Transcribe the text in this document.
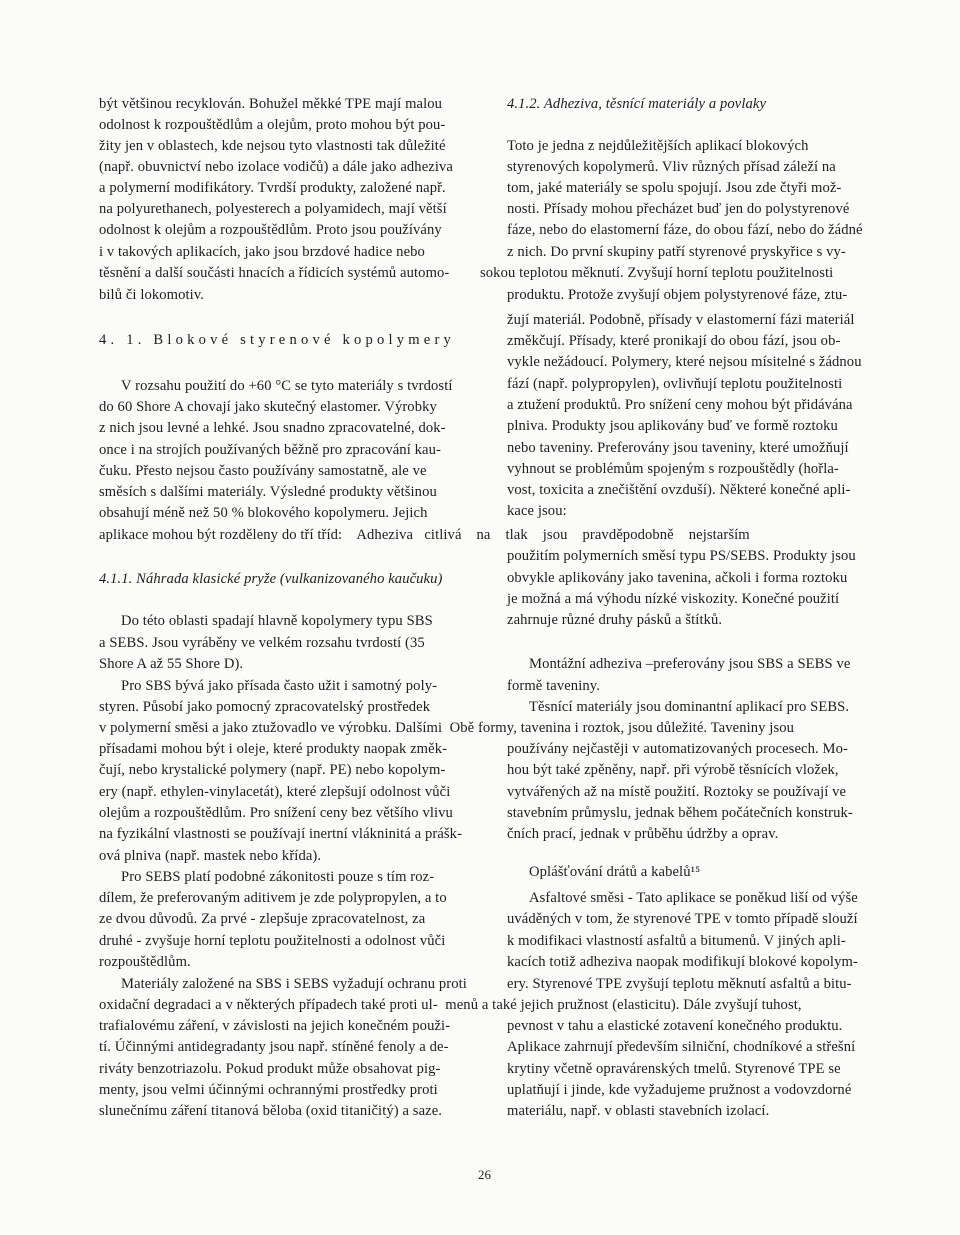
být většinou recyklován. Bohužel měkké TPE mají malou
odolnost k rozpouštědlům a olejům, proto mohou být pou-
žity jen v oblastech, kde nejsou tyto vlastnosti tak důležité
(např. obuvnictví nebo izolace vodičů) a dále jako adheziva
a polymerní modifikátory. Tvrdší produkty, založené např.
na polyurethanech, polyesterech a polyamidech, mají větší
odolnost k olejům a rozpouštědlům. Proto jsou používány
i v takových aplikacích, jako jsou brzdové hadice nebo
těsnění a další součásti hnacích a řídicích systémů automo-
bilů či lokomotiv.
4. 1. Blokové styrenové kopolymery
V rozsahu použití do +60 °C se tyto materiály s tvrdostí
do 60 Shore A chovají jako skutečný elastomer. Výrobky
z nich jsou levné a lehké. Jsou snadno zpracovatelné, dok-
once i na strojích používaných běžně pro zpracování kau-
čuku. Přesto nejsou často používány samostatně, ale ve
směsích s dalšími materiály. Výsledné produkty většinou
obsahují méně než 50 % blokového kopolymeru. Jejich
aplikace mohou být rozděleny do tří tříd:    Adheziva   citlivá    na    tlak    jsou    pravděpodobně    nejstarším
4.1.1. Náhrada klasické pryže (vulkanizovaného kaučuku)
Do této oblasti spadají hlavně kopolymery typu SBS
a SEBS. Jsou vyráběny ve velkém rozsahu tvrdostí (35
Shore A až 55 Shore D).
Pro SBS bývá jako přísada často užit i samotný poly-
styren. Působí jako pomocný zpracovatelský prostředek
v polymerní směsi a jako ztužovadlo ve výrobku. Dalšími  Obě formy, tavenina i roztok, jsou důležité. Taveniny jsou
přísadami mohou být i oleje, které produkty naopak změk-
čují, nebo krystalické polymery (např. PE) nebo kopolym-
ery (např. ethylen-vinylacetát), které zlepšují odolnost vůči
olejům a rozpouštědlům. Pro snížení ceny bez většího vlivu
na fyzikální vlastnosti se používají inertní vlákninitá a prášk-
ová plniva (např. mastek nebo křída).
Pro SEBS platí podobné zákonitosti pouze s tím roz-
dílem, že preferovaným aditivem je zde polypropylen, a to
ze dvou důvodů. Za prvé - zlepšuje zpracovatelnost, za
druhé - zvyšuje horní teplotu použitelnosti a odolnost vůči
rozpouštědlům.
Materiály založené na SBS i SEBS vyžadují ochranu proti
oxidační degradaci a v některých případech také proti ul-  menů a také jejich pružnost (elasticitu). Dále zvyšují tuhost,
trafialovému záření, v závislosti na jejich konečném použi-
tí. Účinnými antidegradanty jsou např. stíněné fenoly a de-
riváty benzotriazolu. Pokud produkt může obsahovat pig-
menty, jsou velmi účinnými ochrannými prostředky proti
slunečnímu záření titanová běloba (oxid titaničitý) a saze.
4.1.2. Adheziva, těsnící materiály a povlaky
Toto je jedna z nejdůležitějších aplikací blokových
styrenových kopolymerů. Vliv různých přísad záleží na
tom, jaké materiály se spolu spojují. Jsou zde čtyři mož-
nosti. Přísady mohou přecházet buď jen do polystyrenové
fáze, nebo do elastomerní fáze, do obou fází, nebo do žádné
z nich. Do první skupiny patří styrenové pryskyřice s vy-
sokou teplotou měknutí. Zvyšují horní teplotu použitelnosti
produktu. Protože zvyšují objem polystyrenové fáze, ztu-
žují materiál. Podobně, přísady v elastomerní fázi materiál
změkčují. Přísady, které pronikají do obou fází, jsou ob-
vykle nežádoucí. Polymery, které nejsou mísitelné s žádnou
fází (např. polypropylen), ovlivňují teplotu použitelnosti
a ztužení produktů. Pro snížení ceny mohou být přidávána
plniva. Produkty jsou aplikovány buď ve formě roztoku
nebo taveniny. Preferovány jsou taveniny, které umožňují
vyhnout se problémům spojeným s rozpouštědly (hořla-
vost, toxicita a znečištění ovzduší). Některé konečné apli-
kace jsou:
použitím polymerních směsí typu PS/SEBS. Produkty jsou
obvykle aplikovány jako tavenina, ačkoli i forma roztoku
je možná a má výhodu nízké viskozity. Konečné použití
zahrnuje různé druhy pásků a štítků.
Montážní adheziva –preferovány jsou SBS a SEBS ve
formě taveniny.
Těsnící materiály jsou dominantní aplikací pro SEBS.
používány nejčastěji v automatizovaných procesech. Mo-
hou být také zpěněny, např. při výrobě těsnících vložek,
vytvářených až na místě použití. Roztoky se používají ve
stavebním průmyslu, jednak během počátečních konstruk-
čních prací, jednak v průběhu údržby a oprav.
Oplášťování drátů a kabelů¹⁵
Asfaltové směsi - Tato aplikace se poněkud liší od výše
uváděných v tom, že styrenové TPE v tomto případě slouží
k modifikaci vlastností asfaltů a bitumenů. V jiných apli-
kacích totiž adheziva naopak modifikují blokové kopolym-
ery. Styrenové TPE zvyšují teplotu měknutí asfaltů a bitu-
pevnost v tahu a elastické zotavení konečného produktu.
Aplikace zahrnují především silniční, chodníkové a střešní
krytiny včetně opravárenských tmelů. Styrenové TPE se
uplatňují i jinde, kde vyžadujeme pružnost a vodovzdorné
materiálu, např. v oblasti stavebních izolací.
26
